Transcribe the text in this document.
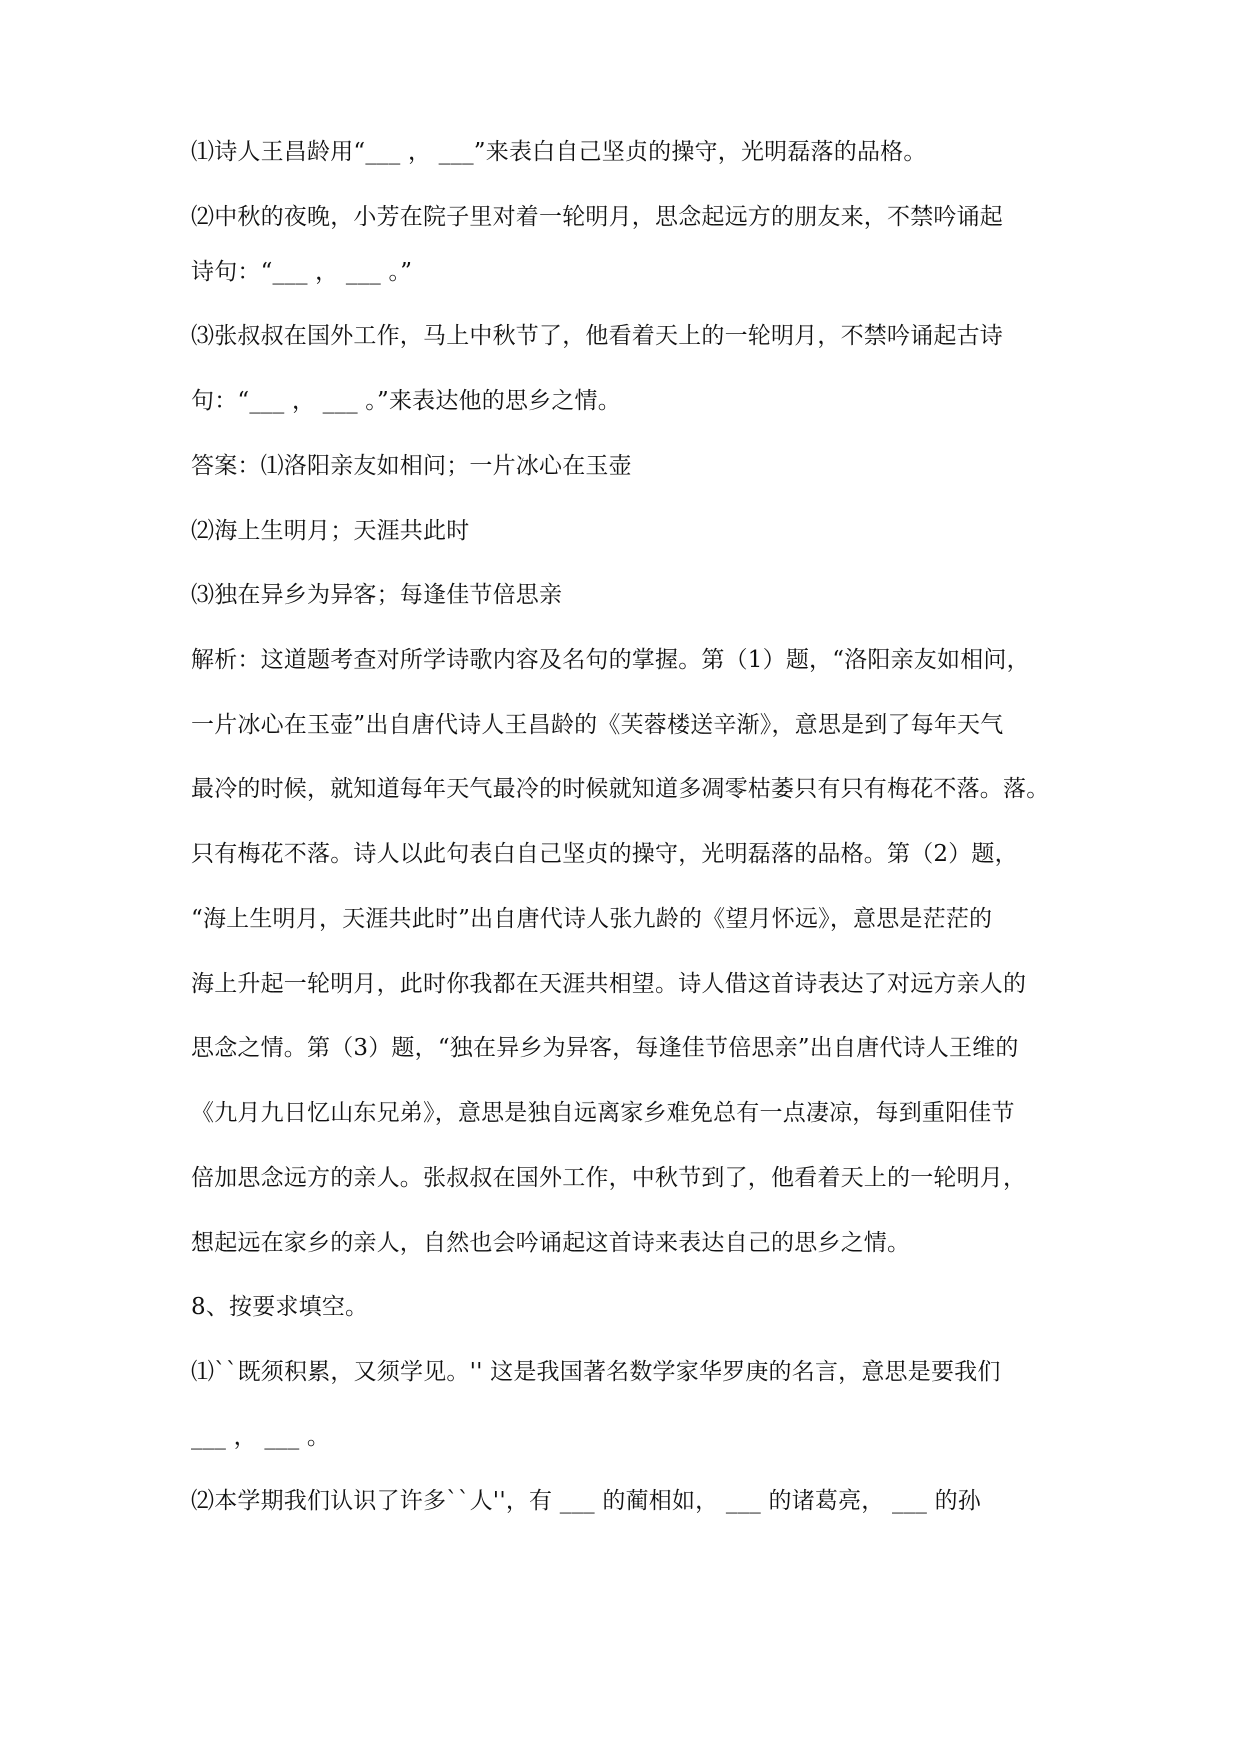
⑴诗人王昌龄用“___ ， ___”来表白自己坚贞的操守，光明磊落的品格。
⑵中秋的夜晚，小芳在院子里对着一轮明月，思念起远方的朋友来，不禁吟诵起
诗句：“___ ， ___ 。”
⑶张叔叔在国外工作，马上中秋节了，他看着天上的一轮明月，不禁吟诵起古诗
句：“___ ， ___ 。”来表达他的思乡之情。
答案：⑴洛阳亲友如相问；一片冰心在玉壶
⑵海上生明月；天涯共此时
⑶独在异乡为异客；每逢佳节倍思亲
解析：这道题考查对所学诗歌内容及名句的掌握。第（1）题，“洛阳亲友如相问，
一片冰心在玉壶”出自唐代诗人王昌龄的《芙蓉楼送辛渐》，意思是到了每年天气
最冷的时候，就知道每年天气最冷的时候就知道多凋零枯萎只有只有梅花不落。落。
只有梅花不落。诗人以此句表白自己坚贞的操守，光明磊落的品格。第（2）题，
“海上生明月，天涯共此时”出自唐代诗人张九龄的《望月怀远》，意思是茫茫的
海上升起一轮明月，此时你我都在天涯共相望。诗人借这首诗表达了对远方亲人的
思念之情。第（3）题，“独在异乡为异客，每逢佳节倍思亲”出自唐代诗人王维的
《九月九日忆山东兄弟》，意思是独自远离家乡难免总有一点凄凉，每到重阳佳节
倍加思念远方的亲人。张叔叔在国外工作，中秋节到了，他看着天上的一轮明月，
想起远在家乡的亲人，自然也会吟诵起这首诗来表达自己的思乡之情。
8、按要求填空。
⑴``既须积累，又须学见。'' 这是我国著名数学家华罗庚的名言，意思是要我们
___ ， ___ 。
⑵本学期我们认识了许多``人''，有 ___ 的蔺相如， ___ 的诸葛亮， ___ 的孙
